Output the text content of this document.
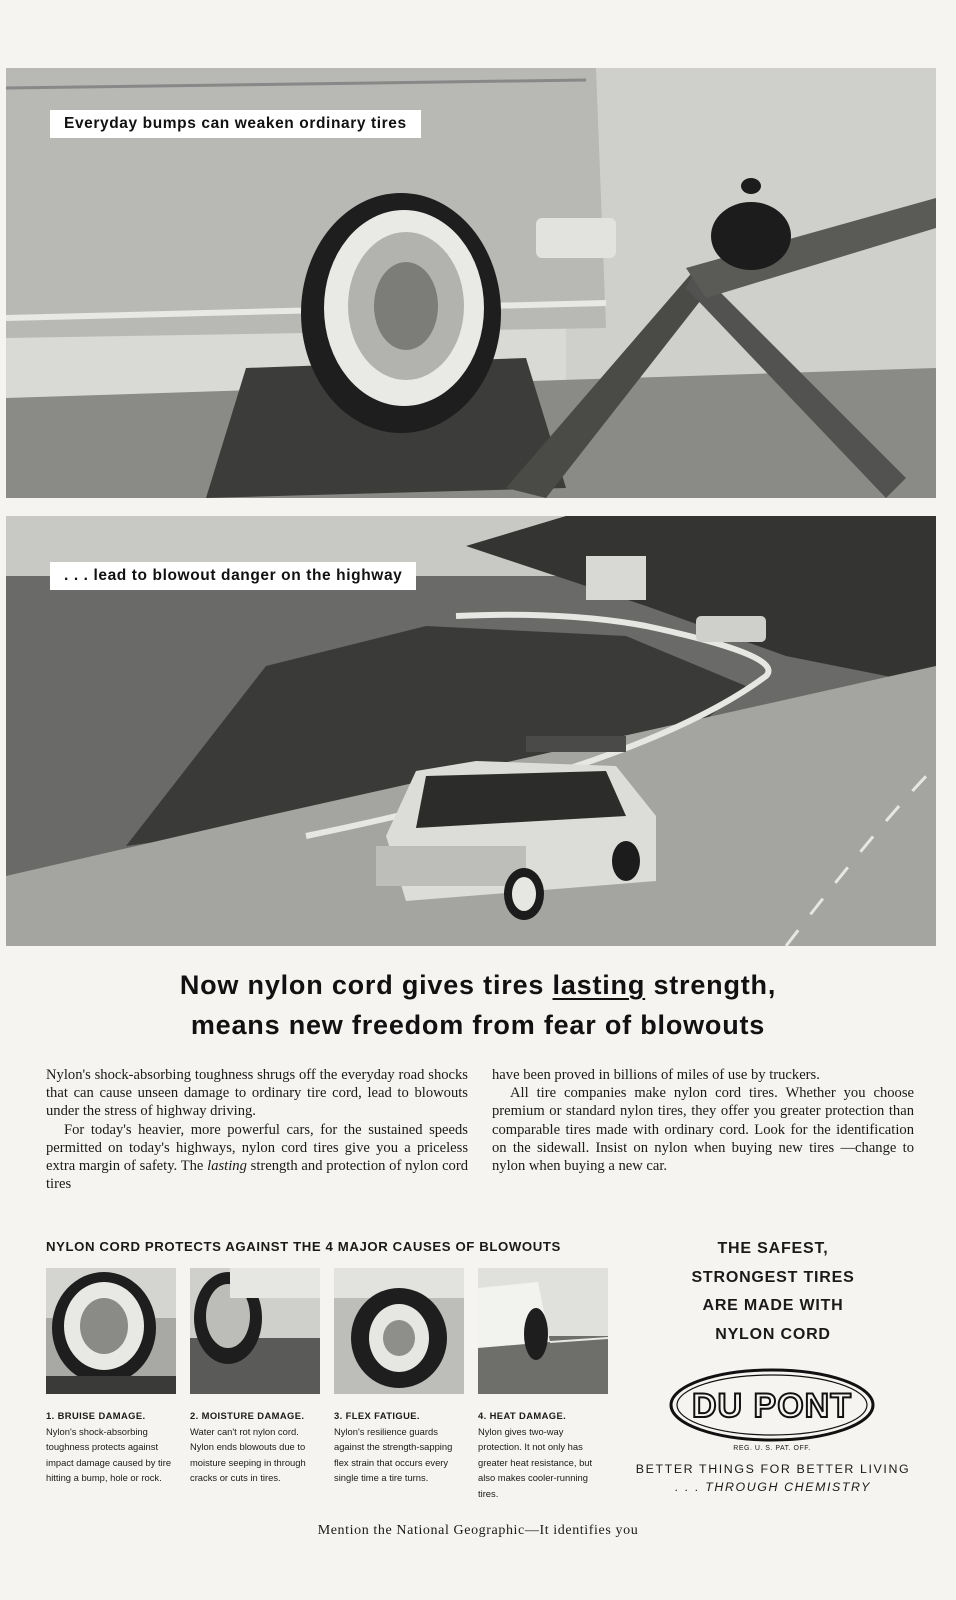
Everyday bumps can weaken ordinary tires
. . . lead to blowout danger on the highway
Now nylon cord gives tires lasting strength,
means new freedom from fear of blowouts

Nylon's shock-absorbing toughness shrugs off the everyday road shocks that can cause unseen damage to ordinary tire cord, lead to blowouts under the stress of highway driving.

For today's heavier, more powerful cars, for the sustained speeds permitted on today's highways, nylon cord tires give you a priceless extra margin of safety. The lasting strength and protection of nylon cord tires

have been proved in billions of miles of use by truckers.

All tire companies make nylon cord tires. Whether you choose premium or standard nylon tires, they offer you greater protection than comparable tires made with ordinary cord. Look for the identification on the sidewall. Insist on nylon when buying new tires —change to nylon when buying a new car.

NYLON CORD PROTECTS AGAINST THE 4 MAJOR CAUSES OF BLOWOUTS
1. BRUISE DAMAGE.
Nylon's shock-absorbing toughness protects against impact damage caused by tire hitting a bump, hole or rock.
2. MOISTURE DAMAGE.
Water can't rot nylon cord. Nylon ends blowouts due to moisture seeping in through cracks or cuts in tires.
3. FLEX FATIGUE.
Nylon's resilience guards against the strength-sapping flex strain that occurs every single time a tire turns.
4. HEAT DAMAGE.
Nylon gives two-way protection. It not only has greater heat resistance, but also makes cooler-running tires.
THE SAFEST,
STRONGEST TIRES
ARE MADE WITH
NYLON CORD
DU PONT
REG. U. S. PAT. OFF.
BETTER THINGS FOR BETTER LIVING
. . . THROUGH CHEMISTRY
Mention the National Geographic—It identifies you
